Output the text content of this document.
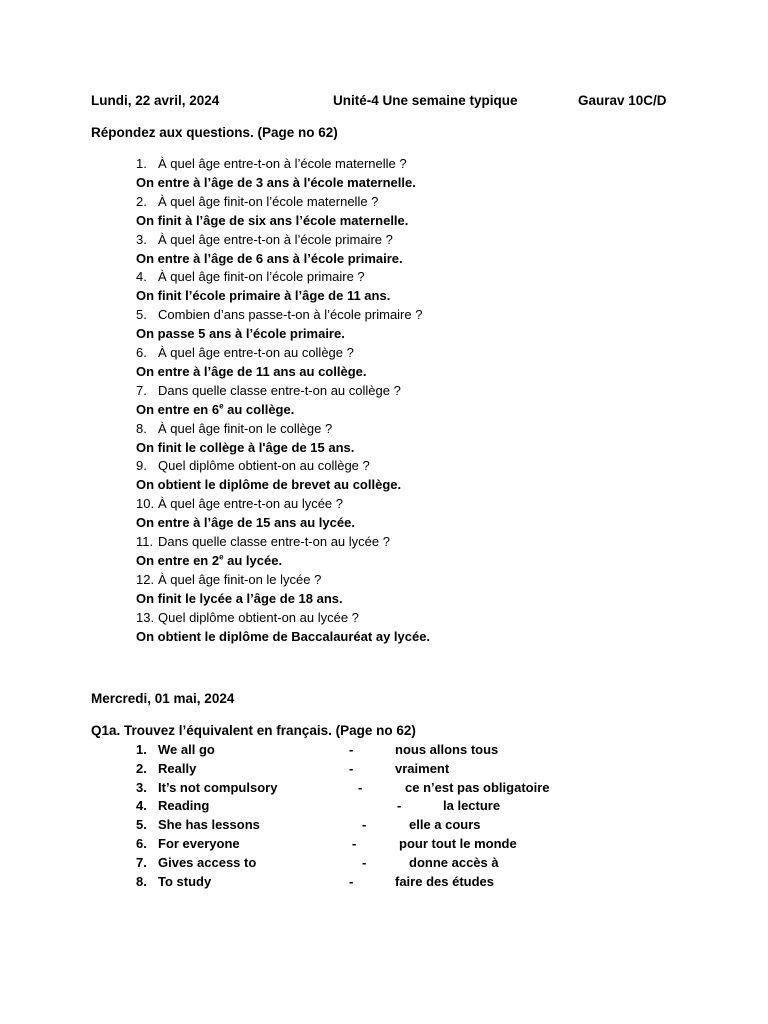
Lundi, 22 avril, 2024	Unité-4 Une semaine typique	Gaurav 10C/D
Répondez aux questions. (Page no 62)
1. À quel âge entre-t-on à l’école maternelle ?
On entre à l’âge de 3 ans à l'école maternelle.
2. À quel âge finit-on l’école maternelle ?
On finit à l’âge de six ans l’école maternelle.
3. À quel âge entre-t-on à l’école primaire ?
On entre à l’âge de 6 ans à l’école primaire.
4. À quel âge finit-on l’école primaire ?
On finit l’école primaire à l’âge de 11 ans.
5. Combien d’ans passe-t-on à l’école primaire ?
On passe 5 ans à l’école primaire.
6. À quel âge entre-t-on au collège ?
On entre à l’âge de 11 ans au collège.
7. Dans quelle classe entre-t-on au collège ?
On entre en 6e au collège.
8. À quel âge finit-on le collège ?
On finit le collège à l'âge de 15 ans.
9. Quel diplôme obtient-on au collège ?
On obtient le diplôme de brevet au collège.
10. À quel âge entre-t-on au lycée ?
On entre à l’âge de 15 ans au lycée.
11. Dans quelle classe entre-t-on au lycée ?
On entre en 2e au lycée.
12. À quel âge finit-on le lycée ?
On finit le lycée a l’âge de 18 ans.
13. Quel diplôme obtient-on au lycée ?
On obtient le diplôme de Baccalauréat ay lycée.
Mercredi, 01 mai, 2024
Q1a. Trouvez l’équivalent en français. (Page no 62)
1. We all go	-	nous allons tous
2. Really	-	vraiment
3. It’s not compulsory	-	ce n’est pas obligatoire
4. Reading	-	la lecture
5. She has lessons	-	elle a cours
6. For everyone	-	pour tout le monde
7. Gives access to	-	donne accès à
8. To study	-	faire des études
